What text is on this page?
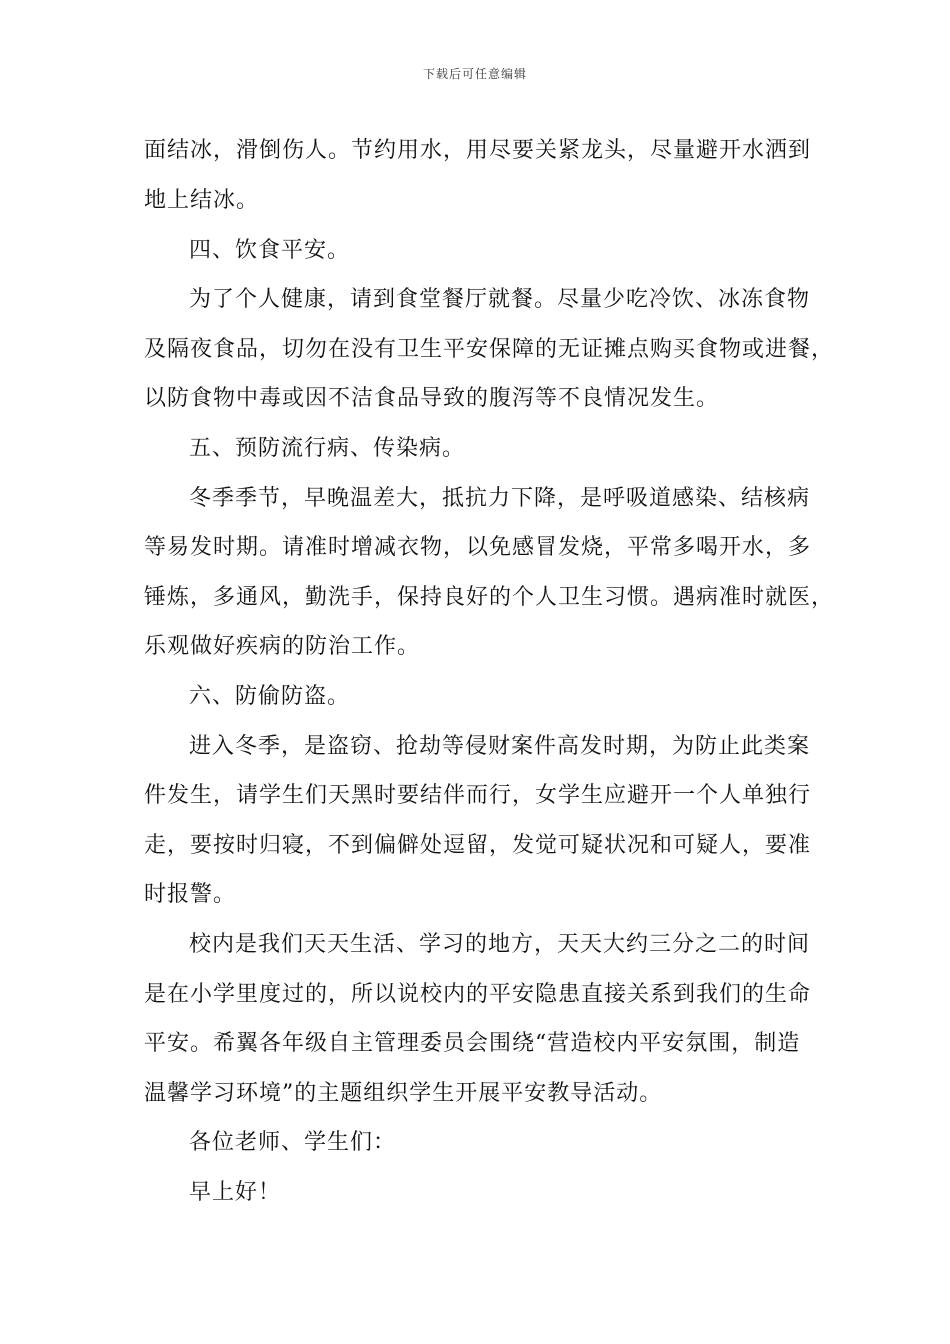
下载后可任意编辑
面结冰，滑倒伤人。节约用水，用尽要关紧龙头，尽量避开水洒到
地上结冰。
四、饮食平安。
为了个人健康，请到食堂餐厅就餐。尽量少吃冷饮、冰冻食物
及隔夜食品，切勿在没有卫生平安保障的无证摊点购买食物或进餐，
以防食物中毒或因不洁食品导致的腹泻等不良情况发生。
五、预防流行病、传染病。
冬季季节，早晚温差大，抵抗力下降，是呼吸道感染、结核病
等易发时期。请准时增减衣物，以免感冒发烧，平常多喝开水，多
锤炼，多通风，勤洗手，保持良好的个人卫生习惯。遇病准时就医，
乐观做好疾病的防治工作。
六、防偷防盗。
进入冬季，是盗窃、抢劫等侵财案件高发时期，为防止此类案
件发生，请学生们天黑时要结伴而行，女学生应避开一个人单独行
走，要按时归寝，不到偏僻处逗留，发觉可疑状况和可疑人，要准
时报警。
校内是我们天天生活、学习的地方，天天大约三分之二的时间
是在小学里度过的，所以说校内的平安隐患直接关系到我们的生命
平安。希翼各年级自主管理委员会围绕“营造校内平安氛围，制造
温馨学习环境”的主题组织学生开展平安教导活动。
各位老师、学生们：
早上好！
